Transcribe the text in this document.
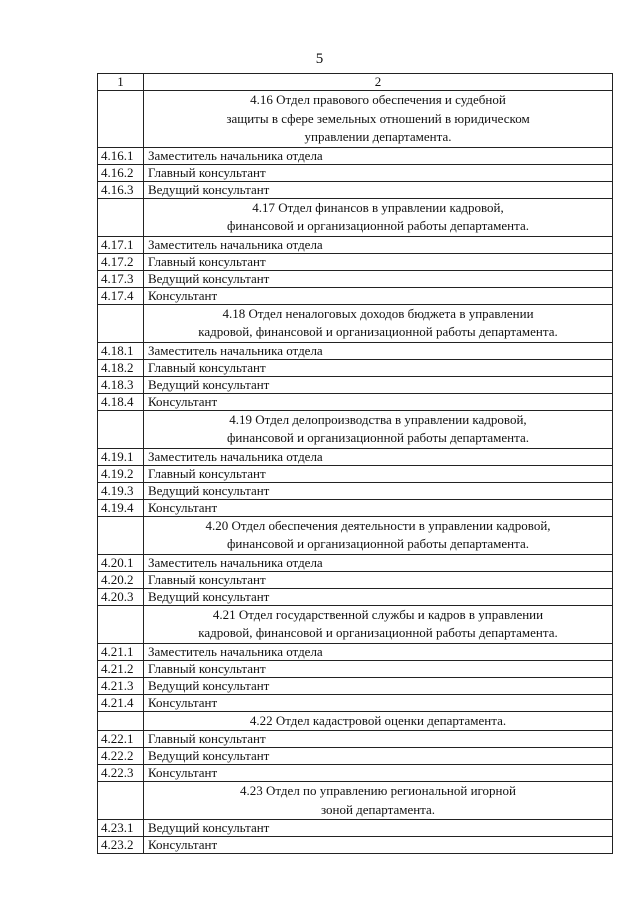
5
1	2

	4.16 Отдел правового обеспечения и судебной
защиты в сфере земельных отношений в юридическом
управлении департамента.

4.16.1	Заместитель начальника отдела
4.16.2	Главный консультант
4.16.3	Ведущий консультант

	4.17 Отдел финансов в управлении кадровой,
финансовой и организационной работы департамента.

4.17.1	Заместитель начальника отдела
4.17.2	Главный консультант
4.17.3	Ведущий консультант
4.17.4	Консультант

	4.18 Отдел неналоговых доходов бюджета в управлении
кадровой, финансовой и организационной работы департамента.

4.18.1	Заместитель начальника отдела
4.18.2	Главный консультант
4.18.3	Ведущий консультант
4.18.4	Консультант

	4.19 Отдел делопроизводства в управлении кадровой,
финансовой и организационной работы департамента.

4.19.1	Заместитель начальника отдела
4.19.2	Главный консультант
4.19.3	Ведущий консультант
4.19.4	Консультант

	4.20 Отдел обеспечения деятельности в управлении кадровой,
финансовой и организационной работы департамента.

4.20.1	Заместитель начальника отдела
4.20.2	Главный консультант
4.20.3	Ведущий консультант

	4.21 Отдел государственной службы и кадров в управлении
кадровой, финансовой и организационной работы департамента.

4.21.1	Заместитель начальника отдела
4.21.2	Главный консультант
4.21.3	Ведущий консультант
4.21.4	Консультант

	4.22 Отдел кадастровой оценки департамента.

4.22.1	Главный консультант
4.22.2	Ведущий консультант
4.22.3	Консультант

	4.23 Отдел по управлению региональной игорной
зоной департамента.

4.23.1	Ведущий консультант
4.23.2	Консультант
